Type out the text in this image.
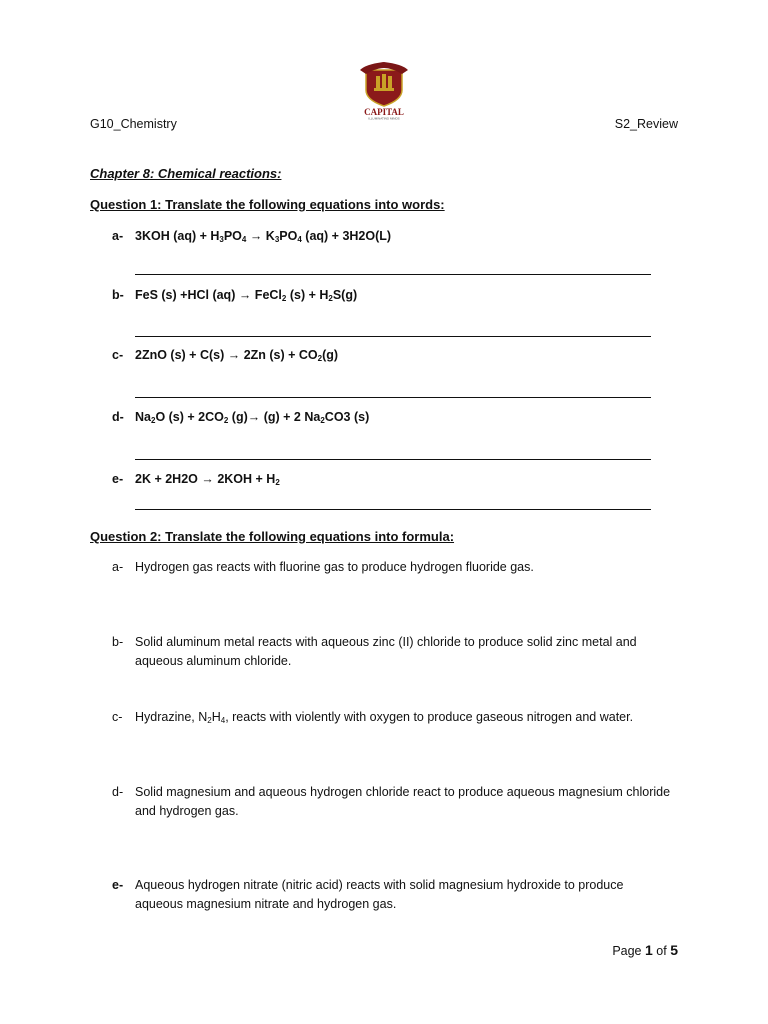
CAPITAL
ILLUMINATING MINDS
G10_Chemistry	S2_Review
Chapter 8: Chemical reactions:
Question 1: Translate the following equations into words:
a- 3KOH $(aq) + H_3PO_4 \to K_3PO_4$ (aq) + 3H2O(L)
b- FeS (s) +HCl (aq) → FeCl$_2$ $(s) + H_2S(g)$
c- 2ZnO (s) + C(s) → 2Zn $(s) + CO_2(g)$
d- $Na_2O$ $(s) + 2CO_2$ (g)→ (g) + 2 $Na_2CO3$ (s)
e- $2K + 2H2O \to 2KOH + H_2$
Question 2: Translate the following equations into formula:
a- Hydrogen gas reacts with fluorine gas to produce hydrogen fluoride gas.
b- Solid aluminum metal reacts with aqueous zinc (II) chloride to produce solid zinc metal and
aqueous aluminum chloride.
c-	Hydrazine, $N_2H_4$, reacts with violently with oxygen to produce gaseous nitrogen and water.
d- Solid magnesium and aqueous hydrogen chloride react to produce aqueous magnesium chloride
and hydrogen gas.
e- Aqueous hydrogen nitrate (nitric acid) reacts with solid magnesium hydroxide to produce
aqueous magnesium nitrate and hydrogen gas.
Page 1 of 5
